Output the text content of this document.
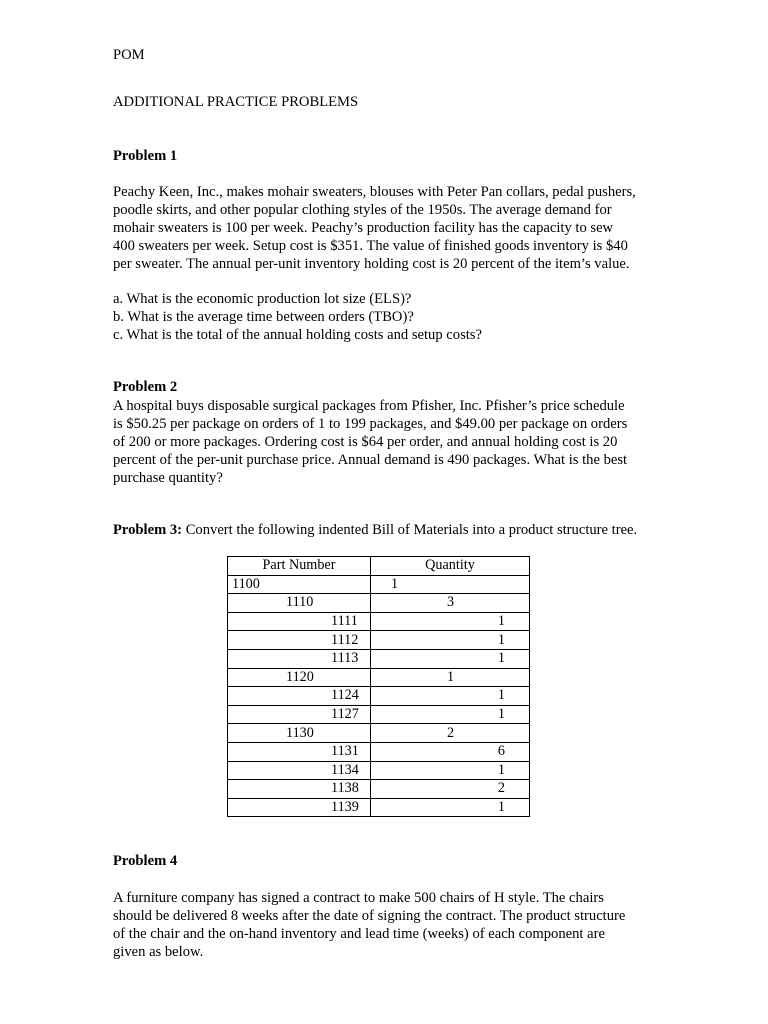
POM

ADDITIONAL PRACTICE PROBLEMS

Problem 1

Peachy Keen, Inc., makes mohair sweaters, blouses with Peter Pan collars, pedal pushers,
poodle skirts, and other popular clothing styles of the 1950s. The average demand for
mohair sweaters is 100 per week. Peachy’s production facility has the capacity to sew
400 sweaters per week. Setup cost is $351. The value of finished goods inventory is $40
per sweater. The annual per-unit inventory holding cost is 20 percent of the item’s value.

a. What is the economic production lot size (ELS)?
b. What is the average time between orders (TBO)?
c. What is the total of the annual holding costs and setup costs?

Problem 2

A hospital buys disposable surgical packages from Pfisher, Inc. Pfisher’s price schedule
is $50.25 per package on orders of 1 to 199 packages, and $49.00 per package on orders
of 200 or more packages. Ordering cost is $64 per order, and annual holding cost is 20
percent of the per-unit purchase price. Annual demand is 490 packages. What is the best
purchase quantity?

Problem 3: Convert the following indented Bill of Materials into a product structure tree.

Part Number	Quantity
1100	1
1110	3
1111	1
1112	1
1113	1
1120	1
1124	1
1127	1
1130	2
1131	6
1134	1
1138	2
1139	1

Problem 4

A furniture company has signed a contract to make 500 chairs of H style. The chairs
should be delivered 8 weeks after the date of signing the contract. The product structure
of the chair and the on-hand inventory and lead time (weeks) of each component are
given as below.
